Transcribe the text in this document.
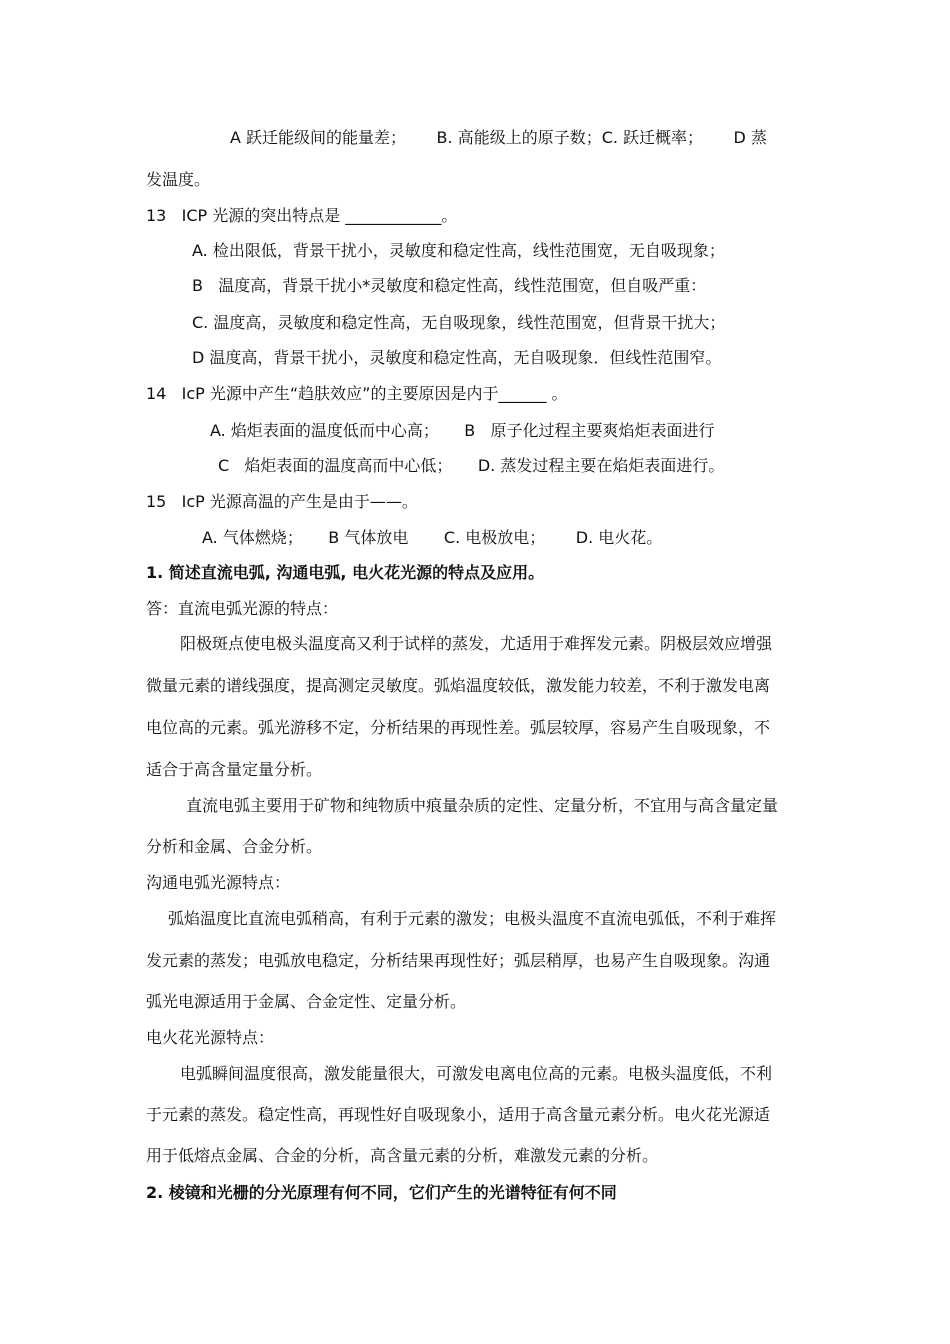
A 跃迁能级间的能量差；      B. 高能级上的原子数；C. 跃迁概率；      D 蒸
发温度。
13   ICP 光源的突出特点是 ____________。
A. 检出限低，背景干扰小，灵敏度和稳定性高，线性范围宽，无自吸现象；
B   温度高，背景干扰小*灵敏度和稳定性高，线性范围宽，但自吸严重：
C. 温度高，灵敏度和稳定性高，无自吸现象，线性范围宽，但背景干扰大；
D 温度高，背景干扰小，灵敏度和稳定性高，无自吸现象．但线性范围窄。
14   IcP 光源中产生“趋肤效应”的主要原因是内于______ 。
A. 焰炬表面的温度低而中心高；     B   原子化过程主要爽焰炬表面进行
C   焰炬表面的温度高而中心低；     D. 蒸发过程主要在焰炬表面进行。
15   IcP 光源高温的产生是由于——。
A. 气体燃烧；     B 气体放电       C. 电极放电；      D. 电火花。
1. 简述直流电弧, 沟通电弧, 电火花光源的特点及应用。
答：直流电弧光源的特点：
阳极斑点使电极头温度高又利于试样的蒸发，尤适用于难挥发元素。阴极层效应增强
微量元素的谱线强度，提高测定灵敏度。弧焰温度较低，激发能力较差，不利于激发电离
电位高的元素。弧光游移不定，分析结果的再现性差。弧层较厚，容易产生自吸现象，不
适合于高含量定量分析。
直流电弧主要用于矿物和纯物质中痕量杂质的定性、定量分析，不宜用与高含量定量
分析和金属、合金分析。
沟通电弧光源特点：
弧焰温度比直流电弧稍高，有利于元素的激发；电极头温度不直流电弧低，不利于难挥
发元素的蒸发；电弧放电稳定，分析结果再现性好；弧层稍厚，也易产生自吸现象。沟通
弧光电源适用于金属、合金定性、定量分析。
电火花光源特点：
电弧瞬间温度很高，激发能量很大，可激发电离电位高的元素。电极头温度低，不利
于元素的蒸发。稳定性高，再现性好自吸现象小，适用于高含量元素分析。电火花光源适
用于低熔点金属、合金的分析，高含量元素的分析，难激发元素的分析。
2. 棱镜和光栅的分光原理有何不同，它们产生的光谱特征有何不同
